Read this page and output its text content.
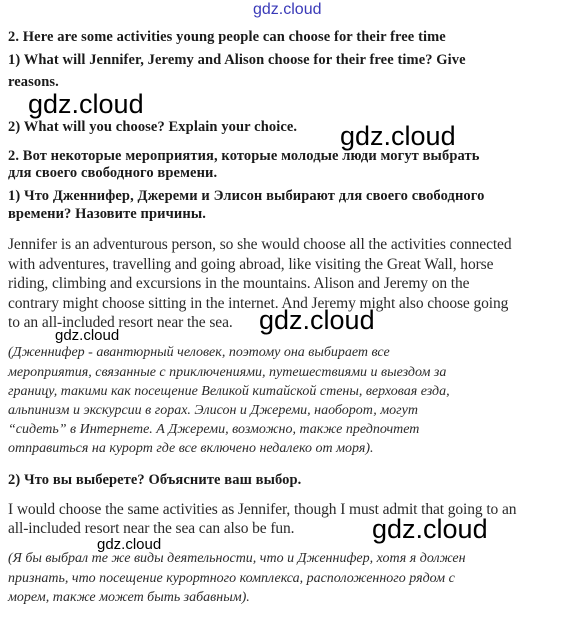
2. Here are some activities young people can choose for their free time
1) What will Jennifer, Jeremy and Alison choose for their free time? Give
reasons.
2) What will you choose? Explain your choice.
2. Вот некоторые мероприятия, которые молодые люди могут выбрать
для своего свободного времени.
1) Что Дженнифер, Джереми и Элисон выбирают для своего свободного
времени? Назовите причины.
Jennifer is an adventurous person, so she would choose all the activities connected
with adventures, travelling and going abroad, like visiting the Great Wall, horse
riding, climbing and excursions in the mountains. Alison and Jeremy on the
contrary might choose sitting in the internet. And Jeremy might also choose going
to an all-included resort near the sea.
(Дженнифер - авантюрный человек, поэтому она выбирает все
мероприятия, связанные с приключениями, путешествиями и выездом за
границу, такими как посещение Великой китайской стены, верховая езда,
альпинизм и экскурсии в горах. Элисон и Джереми, наоборот, могут
“сидеть” в Интернете. А Джереми, возможно, также предпочтет
отправиться на курорт где все включено недалеко от моря).
2) Что вы выберете? Объясните ваш выбор.
I would choose the same activities as Jennifer, though I must admit that going to an
all-included resort near the sea can also be fun.
(Я бы выбрал те же виды деятельности, что и Дженнифер, хотя я должен
признать, что посещение курортного комплекса, расположенного рядом с
морем, также может быть забавным).
gdz.cloud
gdz.cloud
gdz.cloud
gdz.cloud
gdz.cloud
gdz.cloud
gdz.cloud
